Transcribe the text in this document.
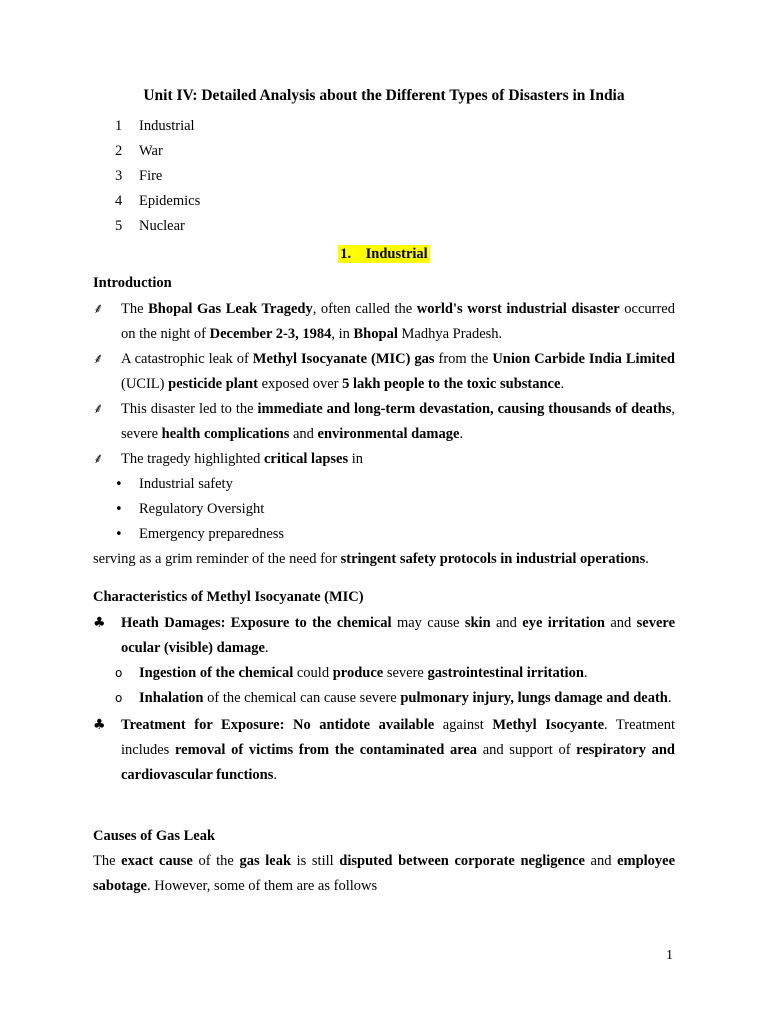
Unit IV: Detailed Analysis about the Different Types of Disasters in India
1	Industrial
2	War
3	Fire
4	Epidemics
5	Nuclear
1.    Industrial
Introduction
⸙	The Bhopal Gas Leak Tragedy, often called the world's worst industrial disaster occurred on the night of December 2-3, 1984, in Bhopal Madhya Pradesh.
⸙	A catastrophic leak of Methyl Isocyanate (MIC) gas from the Union Carbide India Limited (UCIL) pesticide plant exposed over 5 lakh people to the toxic substance.
⸙	This disaster led to the immediate and long-term devastation, causing thousands of deaths, severe health complications and environmental damage.
⸙	The tragedy highlighted critical lapses in
• Industrial safety
• Regulatory Oversight
• Emergency preparedness
serving as a grim reminder of the need for stringent safety protocols in industrial operations.
Characteristics of Methyl Isocyanate (MIC)
♣	Heath Damages: Exposure to the chemical may cause skin and eye irritation and severe ocular (visible) damage.
o Ingestion of the chemical could produce severe gastrointestinal irritation.
o Inhalation of the chemical can cause severe pulmonary injury, lungs damage and death.
♣	Treatment for Exposure: No antidote available against Methyl Isocyante. Treatment includes removal of victims from the contaminated area and support of respiratory and cardiovascular functions.
Causes of Gas Leak
The exact cause of the gas leak is still disputed between corporate negligence and employee sabotage. However, some of them are as follows
1
